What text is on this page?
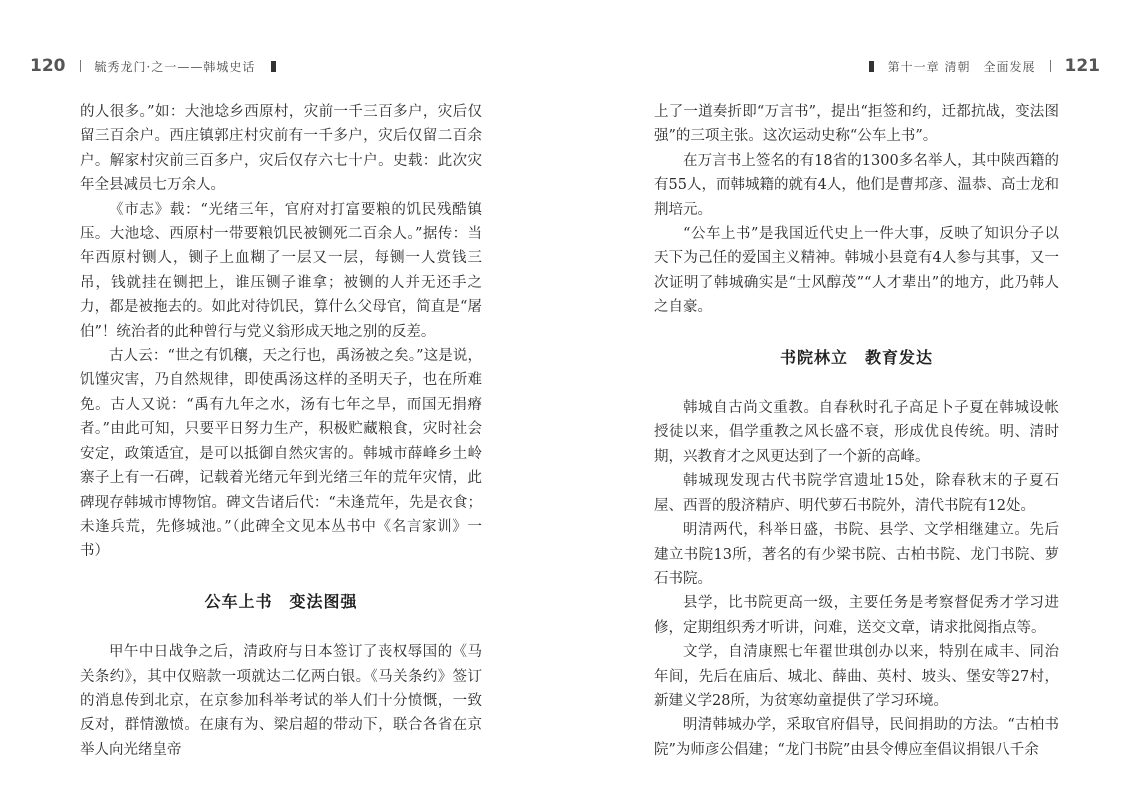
120 毓秀龙门·之一——韩城史话

的人很多。”如：大池埝乡西原村，灾前一千三百多户，灾后仅留三百余户。西庄镇郭庄村灾前有一千多户，灾后仅留二百余户。解家村灾前三百多户，灾后仅存六七十户。史载：此次灾年全县减员七万余人。

《市志》载：“光绪三年，官府对打富要粮的饥民残酷镇压。大池埝、西原村一带要粮饥民被铡死二百余人。”据传：当年西原村铡人，铡子上血糊了一层又一层，每铡一人赏钱三吊，钱就挂在铡把上，谁压铡子谁拿；被铡的人并无还手之力，都是被拖去的。如此对待饥民，算什么父母官，简直是“屠伯”！统治者的此种曾行与党义翁形成天地之别的反差。

古人云：“世之有饥穰，天之行也，禹汤被之矣。”这是说，饥馑灾害，乃自然规律，即使禹汤这样的圣明天子，也在所难免。古人又说：“禹有九年之水，汤有七年之旱，而国无捐瘠者。”由此可知，只要平日努力生产，积极贮藏粮食，灾时社会安定，政策适宜，是可以抵御自然灾害的。韩城市薛峰乡土岭寨子上有一石碑，记载着光绪元年到光绪三年的荒年灾情，此碑现存韩城市博物馆。碑文告诸后代：“未逢荒年，先是衣食；未逢兵荒，先修城池。”（此碑全文见本丛书中《名言家训》一书）

公车上书　变法图强

甲午中日战争之后，清政府与日本签订了丧权辱国的《马关条约》，其中仅赔款一项就达二亿两白银。《马关条约》签订的消息传到北京，在京参加科举考试的举人们十分愤慨，一致反对，群情激愤。在康有为、梁启超的带动下，联合各省在京举人向光绪皇帝

第十一章 清朝　全面发展 121

上了一道奏折即“万言书”，提出“拒签和约，迁都抗战，变法图强”的三项主张。这次运动史称“公车上书”。

在万言书上签名的有18省的1300多名举人，其中陕西籍的有55人，而韩城籍的就有4人，他们是曹邦彦、温恭、高士龙和荆培元。

“公车上书”是我国近代史上一件大事，反映了知识分子以天下为己任的爱国主义精神。韩城小县竟有4人参与其事，又一次证明了韩城确实是“士风醇茂”“人才辈出”的地方，此乃韩人之自豪。

书院林立　教育发达

韩城自古尚文重教。自春秋时孔子高足卜子夏在韩城设帐授徒以来，倡学重教之风长盛不衰，形成优良传统。明、清时期，兴教育才之风更达到了一个新的高峰。

韩城现发现古代书院学宫遗址15处，除春秋末的子夏石屋、西晋的殷济精庐、明代萝石书院外，清代书院有12处。

明清两代，科举日盛，书院、县学、文学相继建立。先后建立书院13所，著名的有少梁书院、古柏书院、龙门书院、萝石书院。

县学，比书院更高一级，主要任务是考察督促秀才学习进修，定期组织秀才听讲，问难，送交文章，请求批阅指点等。

文学，自清康熙七年翟世琪创办以来，特别在咸丰、同治年间，先后在庙后、城北、薛曲、英村、坡头、堡安等27村，新建义学28所，为贫寒幼童提供了学习环境。

明清韩城办学，采取官府倡导，民间捐助的方法。“古柏书院”为师彦公倡建；“龙门书院”由县令傅应奎倡议捐银八千余
